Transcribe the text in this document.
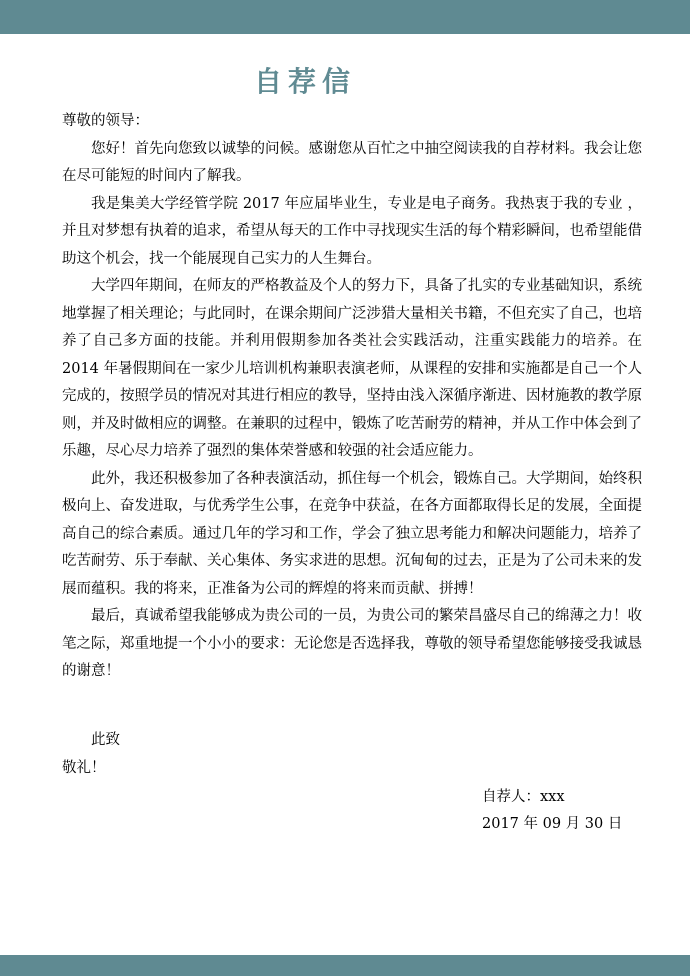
自荐信

尊敬的领导：

您好！首先向您致以诚挚的问候。感谢您从百忙之中抽空阅读我的自荐材料。我会让您在尽可能短的时间内了解我。

我是集美大学经管学院 2017 年应届毕业生，专业是电子商务。我热衷于我的专业 ，并且对梦想有执着的追求，希望从每天的工作中寻找现实生活的每个精彩瞬间，也希望能借助这个机会，找一个能展现自己实力的人生舞台。

大学四年期间，在师友的严格教益及个人的努力下，具备了扎实的专业基础知识，系统地掌握了相关理论；与此同时，在课余期间广泛涉猎大量相关书籍，不但充实了自己，也培养了自己多方面的技能。并利用假期参加各类社会实践活动，注重实践能力的培养。在 2014 年暑假期间在一家少儿培训机构兼职表演老师，从课程的安排和实施都是自己一个人完成的，按照学员的情况对其进行相应的教导，坚持由浅入深循序渐进、因材施教的教学原则，并及时做相应的调整。在兼职的过程中，锻炼了吃苦耐劳的精神，并从工作中体会到了乐趣，尽心尽力培养了强烈的集体荣誉感和较强的社会适应能力。

此外，我还积极参加了各种表演活动，抓住每一个机会，锻炼自己。大学期间，始终积极向上、奋发进取，与优秀学生公事，在竞争中获益，在各方面都取得长足的发展，全面提高自己的综合素质。通过几年的学习和工作，学会了独立思考能力和解决问题能力，培养了吃苦耐劳、乐于奉献、关心集体、务实求进的思想。沉甸甸的过去，正是为了公司未来的发展而蕴积。我的将来，正准备为公司的辉煌的将来而贡献、拼搏！

最后，真诚希望我能够成为贵公司的一员，为贵公司的繁荣昌盛尽自己的绵薄之力！收笔之际，郑重地提一个小小的要求：无论您是否选择我，尊敬的领导希望您能够接受我诚恳的谢意！

此致
敬礼！
自荐人：xxx
2017 年 09 月 30 日
